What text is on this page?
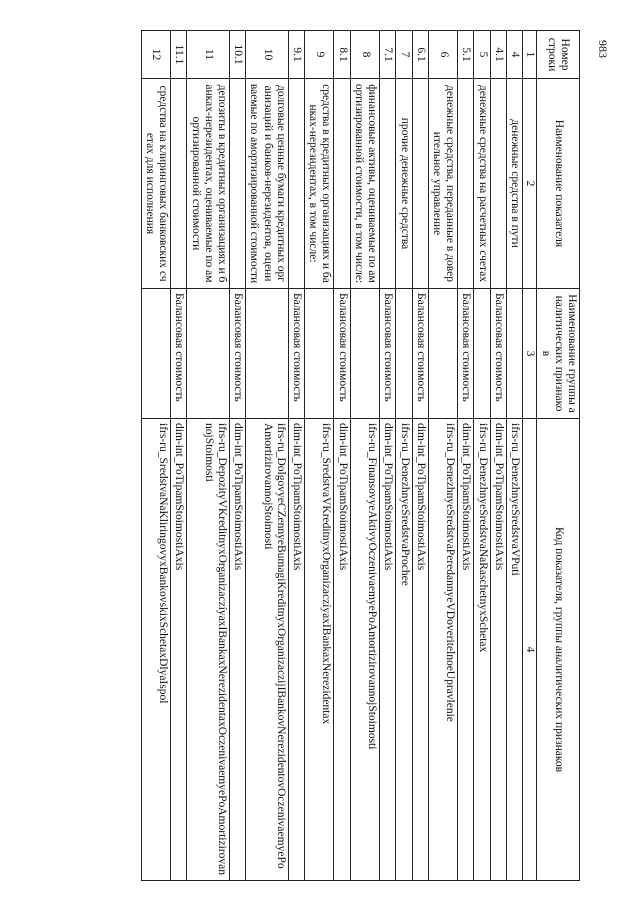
983
Номер строки	Наименование показателя	Наименование группы аналитических признаков	Код показателя, группы аналитических признаков
1	2	3	4
4	денежные средства в пути		ifrs-ru_DenezhnyeSredstvaVPuti
4.1		Балансовая стоимость	dim-int_PoTipamStoimostiAxis
5	денежные средства на расчетных счетах		ifrs-ru_DenezhnyeSredstvaNaRaschetnyxSchetax
5.1		Балансовая стоимость	dim-int_PoTipamStoimostiAxis
6	денежные средства, переданные в доверительное управление		ifrs-ru_DenezhnyeSredstvaPeredannyeVDoveritelnoeUpravlenie
6.1		Балансовая стоимость	dim-int_PoTipamStoimostiAxis
7	прочие денежные средства		ifrs-ru_DenezhnyeSredstvaProchee
7.1		Балансовая стоимость	dim-int_PoTipamStoimostiAxis
8	финансовые активы, оцениваемые по амортизированной стоимости, в том числе:		ifrs-ru_FinansovyeAktivyOczenivaemyePoAmortizirovannojStoimosti
8.1		Балансовая стоимость	dim-int_PoTipamStoimostiAxis
9	средства в кредитных организациях и банках-нерезидентах, в том числе:		ifrs-ru_SredstvaVKreditnyxOrganizaczíyaxIBankaxNerezidentax
9.1		Балансовая стоимость	dim-int_PoTipamStoimostiAxis
10	долговые ценные бумаги кредитных организаций и банков-нерезидентов, оцениваемые по амортизированной стоимости		ifrs-ru_DolgovyeCZennyeBumagiKreditnyxOrganizaczijIBankovNerezidentovOczenivaemyePoAmortizirovannojStoimosti
10.1		Балансовая стоимость	dim-int_PoTipamStoimostiAxis
11	депозиты в кредитных организациях и банках-нерезидентах, оцениваемые по амортизированной стоимости		ifrs-ru_DepozityVKreditnyxOrganizaczíyaxIBankaxNerezidentaxOczenivaemyePoAmortizirovannojStoimosti
11.1		Балансовая стоимость	dim-int_PoTipamStoimostiAxis
12	средства на клиринговых банковских счетах для исполнения		ifrs-ru_SredstvaNaKliringovyxBankovskixSchetaxDlyaIspol
